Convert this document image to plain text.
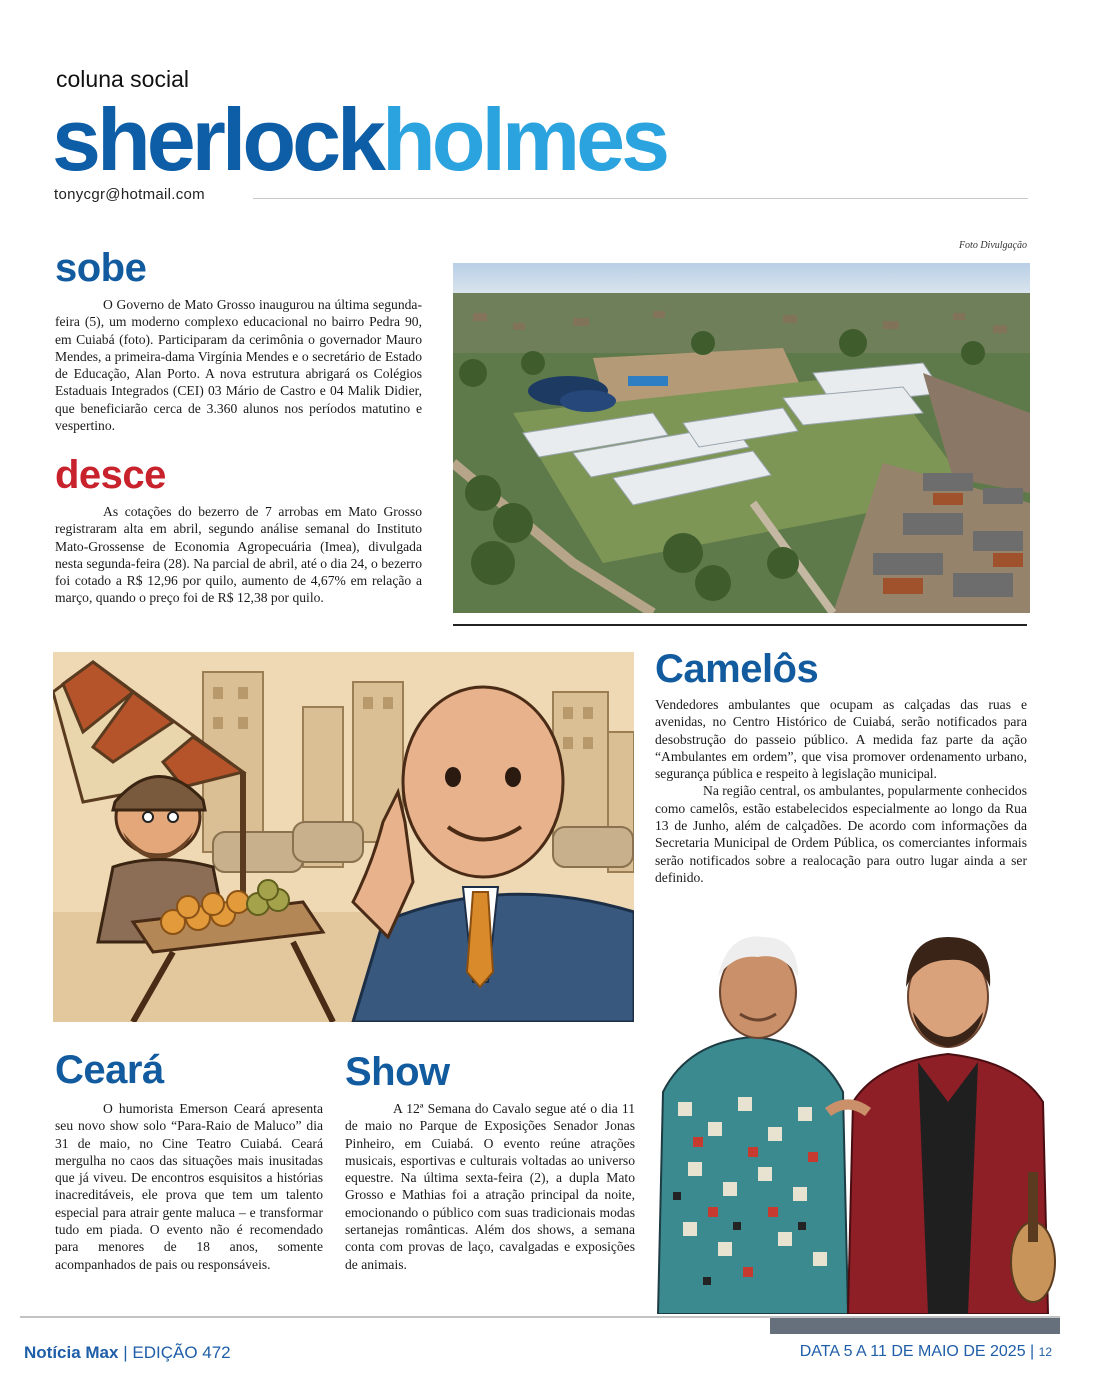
coluna social
sherlockholmes
tonycgr@hotmail.com
sobe

O Governo de Mato Grosso inaugurou na última segunda-feira (5), um moderno complexo educacional no bairro Pedra 90, em Cuiabá (foto). Participaram da cerimônia o governador Mauro Mendes, a primeira-dama Virgínia Mendes e o secretário de Estado de Educação, Alan Porto. A nova estrutura abrigará os Colégios Estaduais Integrados (CEI) 03 Mário de Castro e 04 Malik Didier, que beneficiarão cerca de 3.360 alunos nos períodos matutino e vespertino.

desce

As cotações do bezerro de 7 arrobas em Mato Grosso registraram alta em abril, segundo análise semanal do Instituto Mato-Grossense de Economia Agropecuária (Imea), divulgada nesta segunda-feira (28). Na parcial de abril, até o dia 24, o bezerro foi cotado a R$ 12,96 por quilo, aumento de 4,67% em relação a março, quando o preço foi de R$ 12,38 por quilo.

Foto Divulgação
Camelôs

Vendedores ambulantes que ocupam as calçadas das ruas e avenidas, no Centro Histórico de Cuiabá, serão notificados para desobstrução do passeio público. A medida faz parte da ação “Ambulantes em ordem”, que visa promover ordenamento urbano, segurança pública e respeito à legislação municipal.

Na região central, os ambulantes, popularmente conhecidos como camelôs, estão estabelecidos especialmente ao longo da Rua 13 de Junho, além de calçadões. De acordo com informações da Secretaria Municipal de Ordem Pública, os comerciantes informais serão notificados sobre a realocação para outro lugar ainda a ser definido.

Ceará

O humorista Emerson Ceará apresenta seu novo show solo “Para-Raio de Maluco” dia 31 de maio, no Cine Teatro Cuiabá. Ceará mergulha no caos das situações mais inusitadas que já viveu. De encontros esquisitos a histórias inacreditáveis, ele prova que tem um talento especial para atrair gente maluca – e transformar tudo em piada. O evento não é recomendado para menores de 18 anos, somente acompanhados de pais ou responsáveis.

Show

A 12ª Semana do Cavalo segue até o dia 11 de maio no Parque de Exposições Senador Jonas Pinheiro, em Cuiabá. O evento reúne atrações musicais, esportivas e culturais voltadas ao universo equestre. Na última sexta-feira (2), a dupla Mato Grosso e Mathias foi a atração principal da noite, emocionando o público com suas tradicionais modas sertanejas românticas. Além dos shows, a semana conta com provas de laço, cavalgadas e exposições de animais.

Notícia Max | EDIÇÃO 472	DATA 5 A 11 DE MAIO DE 2025 | 12
